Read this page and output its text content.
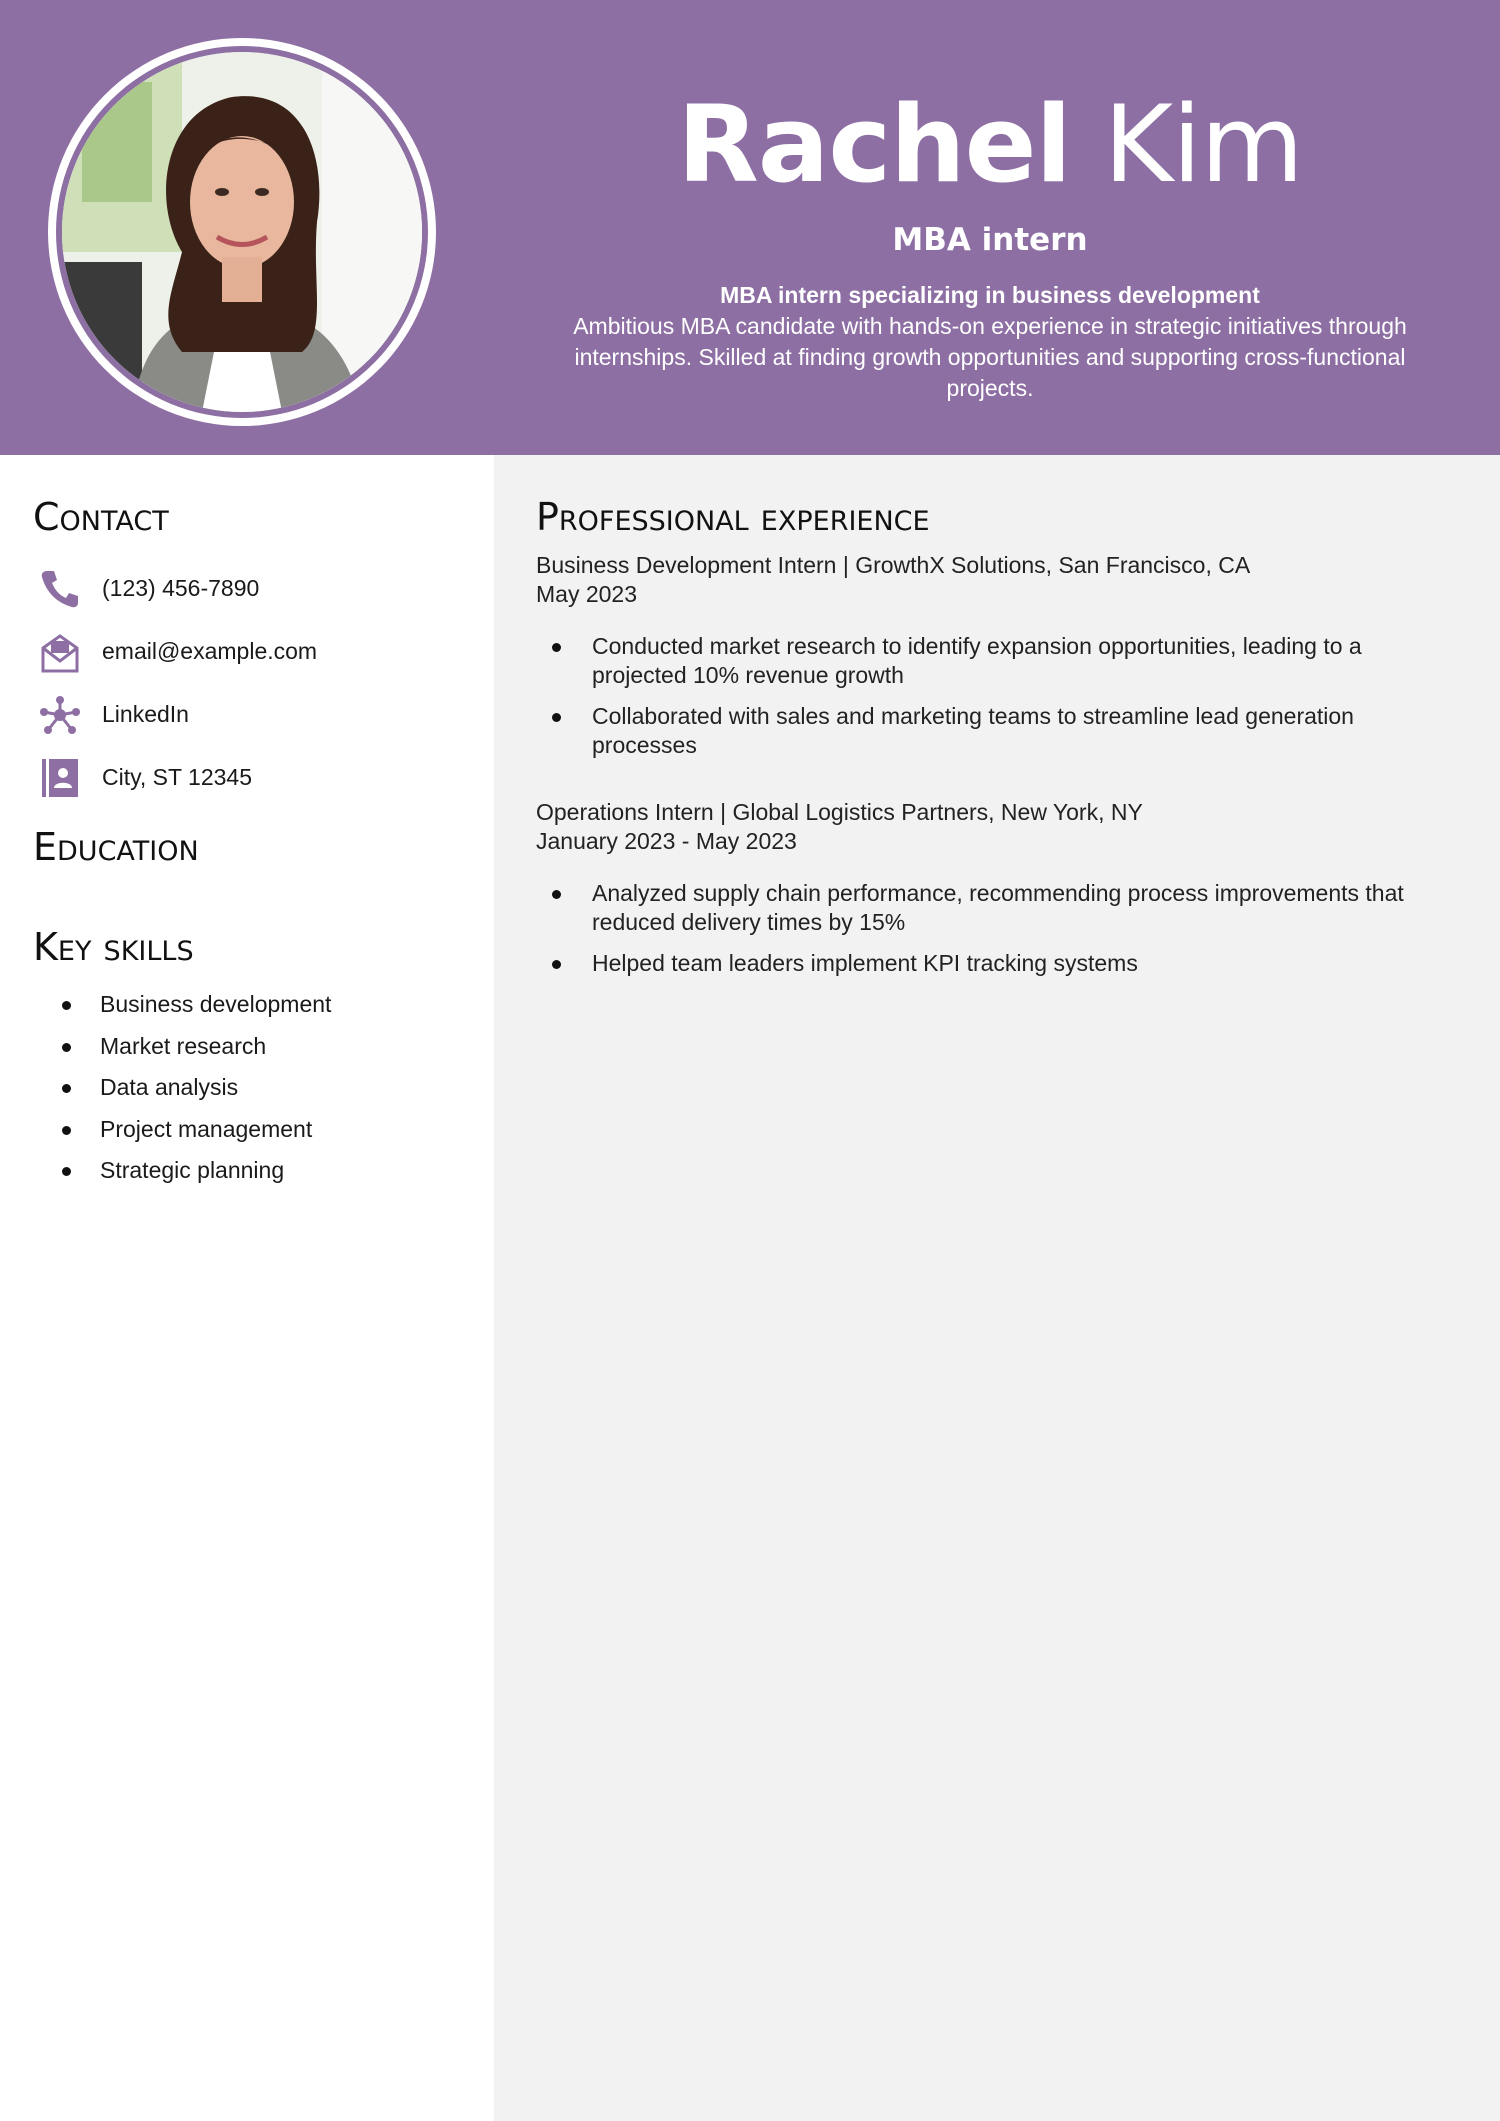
Rachel Kim
MBA intern
MBA intern specializing in business development
Ambitious MBA candidate with hands-on experience in strategic initiatives through internships. Skilled at finding growth opportunities and supporting cross-functional projects.
Contact
(123) 456-7890
email@example.com
LinkedIn
City, ST 12345
Education
Key skills
Business development
Market research
Data analysis
Project management
Strategic planning
Professional experience
Business Development Intern | GrowthX Solutions, San Francisco, CA
May 2023
Conducted market research to identify expansion opportunities, leading to a projected 10% revenue growth
Collaborated with sales and marketing teams to streamline lead generation processes
Operations Intern | Global Logistics Partners, New York, NY
January 2023 - May 2023
Analyzed supply chain performance, recommending process improvements that reduced delivery times by 15%
Helped team leaders implement KPI tracking systems
